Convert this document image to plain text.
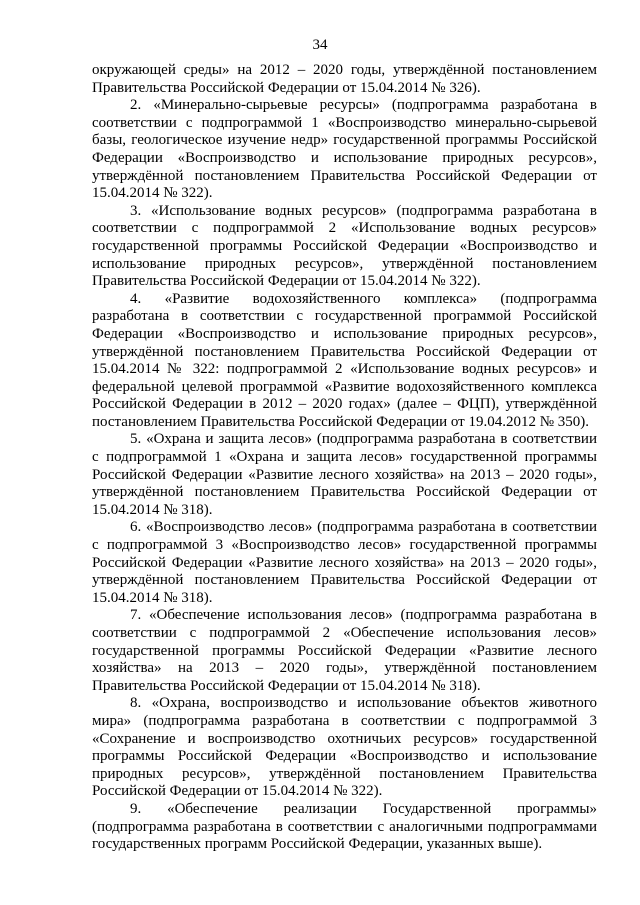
34

окружающей среды» на 2012 – 2020 годы, утверждённой постановлением Правительства Российской Федерации от 15.04.2014 № 326).

2. «Минерально-сырьевые ресурсы» (подпрограмма разработана в соответствии с подпрограммой 1 «Воспроизводство минерально-сырьевой базы, геологическое изучение недр» государственной программы Российской Федерации «Воспроизводство и использование природных ресурсов», утверждённой постановлением Правительства Российской Федерации от 15.04.2014 № 322).

3. «Использование водных ресурсов» (подпрограмма разработана в соответствии с подпрограммой 2 «Использование водных ресурсов» государственной программы Российской Федерации «Воспроизводство и использование природных ресурсов», утверждённой постановлением Правительства Российской Федерации от 15.04.2014 № 322).

4. «Развитие водохозяйственного комплекса» (подпрограмма разработана в соответствии с государственной программой Российской Федерации «Воспроизводство и использование природных ресурсов», утверждённой постановлением Правительства Российской Федерации от 15.04.2014 № 322: подпрограммой 2 «Использование водных ресурсов» и федеральной целевой программой «Развитие водохозяйственного комплекса Российской Федерации в 2012 – 2020 годах» (далее – ФЦП), утверждённой постановлением Правительства Российской Федерации от 19.04.2012 № 350).

5. «Охрана и защита лесов» (подпрограмма разработана в соответствии с подпрограммой 1 «Охрана и защита лесов» государственной программы Российской Федерации «Развитие лесного хозяйства» на 2013 – 2020 годы», утверждённой постановлением Правительства Российской Федерации от 15.04.2014 № 318).

6. «Воспроизводство лесов» (подпрограмма разработана в соответствии с подпрограммой 3 «Воспроизводство лесов» государственной программы Российской Федерации «Развитие лесного хозяйства» на 2013 – 2020 годы», утверждённой постановлением Правительства Российской Федерации от 15.04.2014 № 318).

7. «Обеспечение использования лесов» (подпрограмма разработана в соответствии с подпрограммой 2 «Обеспечение использования лесов» государственной программы Российской Федерации «Развитие лесного хозяйства» на 2013 – 2020 годы», утверждённой постановлением Правительства Российской Федерации от 15.04.2014 № 318).

8. «Охрана, воспроизводство и использование объектов животного мира» (подпрограмма разработана в соответствии с подпрограммой 3 «Сохранение и воспроизводство охотничьих ресурсов» государственной программы Российской Федерации «Воспроизводство и использование природных ресурсов», утверждённой постановлением Правительства Российской Федерации от 15.04.2014 № 322).

9. «Обеспечение реализации Государственной программы» (подпрограмма разработана в соответствии с аналогичными подпрограммами государственных программ Российской Федерации, указанных выше).
